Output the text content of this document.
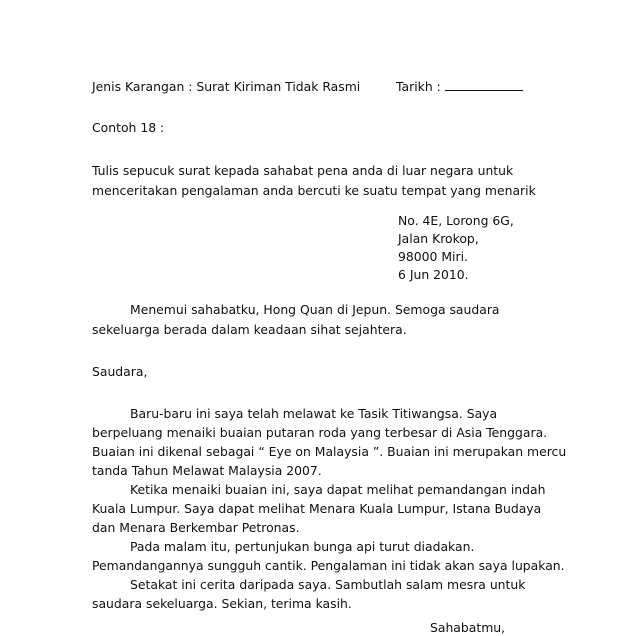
Jenis Karangan : Surat Kiriman Tidak Rasmi	Tarikh :
Contoh 18 :
Tulis sepucuk surat kepada sahabat pena anda di luar negara untuk
menceritakan pengalaman anda bercuti ke suatu tempat yang menarik
No. 4E, Lorong 6G,
Jalan Krokop,
98000 Miri.
6 Jun 2010.
Menemui sahabatku, Hong Quan di Jepun. Semoga saudara
sekeluarga berada dalam keadaan sihat sejahtera.
Saudara,
Baru-baru ini saya telah melawat ke Tasik Titiwangsa. Saya
berpeluang menaiki buaian putaran roda yang terbesar di Asia Tenggara.
Buaian ini dikenal sebagai “ Eye on Malaysia ”. Buaian ini merupakan mercu
tanda Tahun Melawat Malaysia 2007.
Ketika menaiki buaian ini, saya dapat melihat pemandangan indah
Kuala Lumpur. Saya dapat melihat Menara Kuala Lumpur, Istana Budaya
dan Menara Berkembar Petronas.
Pada malam itu, pertunjukan bunga api turut diadakan.
Pemandangannya sungguh cantik. Pengalaman ini tidak akan saya lupakan.
Setakat ini cerita daripada saya. Sambutlah salam mesra untuk
saudara sekeluarga. Sekian, terima kasih.
Sahabatmu,
